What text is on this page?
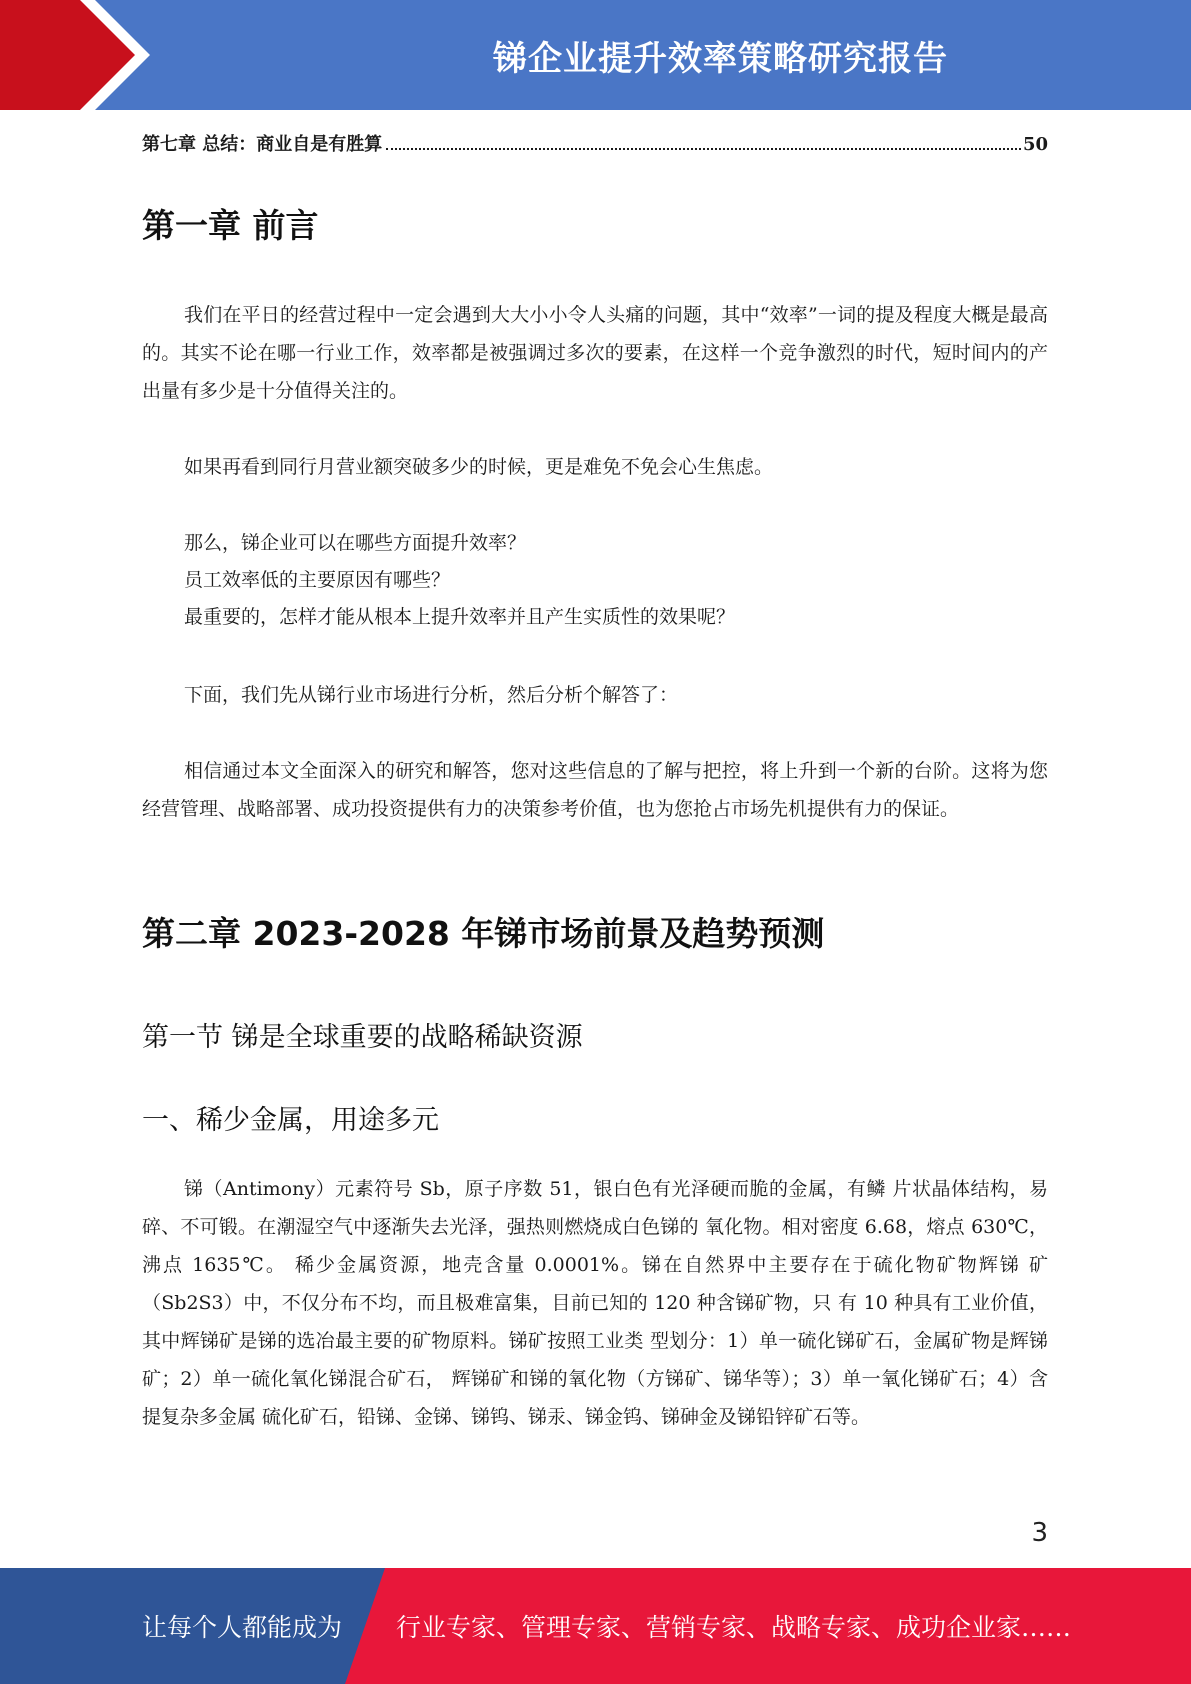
锑企业提升效率策略研究报告
第七章 总结：商业自是有胜算	50
第一章 前言

我们在平日的经营过程中一定会遇到大大小小令人头痛的问题，其中“效率”一词的提及程度大概是最高的。其实不论在哪一行业工作，效率都是被强调过多次的要素，在这样一个竞争激烈的时代，短时间内的产出量有多少是十分值得关注的。

如果再看到同行月营业额突破多少的时候，更是难免不免会心生焦虑。

那么，锑企业可以在哪些方面提升效率？

员工效率低的主要原因有哪些？

最重要的，怎样才能从根本上提升效率并且产生实质性的效果呢？

下面，我们先从锑行业市场进行分析，然后分析个解答了：

相信通过本文全面深入的研究和解答，您对这些信息的了解与把控，将上升到一个新的台阶。这将为您经营管理、战略部署、成功投资提供有力的决策参考价值，也为您抢占市场先机提供有力的保证。

第二章 2023-2028 年锑市场前景及趋势预测
第一节 锑是全球重要的战略稀缺资源
一、稀少金属，用途多元

锑（Antimony）元素符号 Sb，原子序数 51，银白色有光泽硬而脆的金属，有鳞 片状晶体结构，易碎、不可锻。在潮湿空气中逐渐失去光泽，强热则燃烧成白色锑的 氧化物。相对密度 6.68，熔点 630℃，沸点 1635℃。 稀少金属资源，地壳含量 0.0001%。锑在自然界中主要存在于硫化物矿物辉锑 矿（Sb2S3）中，不仅分布不均，而且极难富集，目前已知的 120 种含锑矿物，只 有 10 种具有工业价值，其中辉锑矿是锑的选冶最主要的矿物原料。锑矿按照工业类 型划分：1）单一硫化锑矿石，金属矿物是辉锑矿；2）单一硫化氧化锑混合矿石， 辉锑矿和锑的氧化物（方锑矿、锑华等）；3）单一氧化锑矿石；4）含提复杂多金属 硫化矿石，铅锑、金锑、锑钨、锑汞、锑金钨、锑砷金及锑铅锌矿石等。

3
让每个人都能成为 行业专家、管理专家、营销专家、战略专家、成功企业家……
